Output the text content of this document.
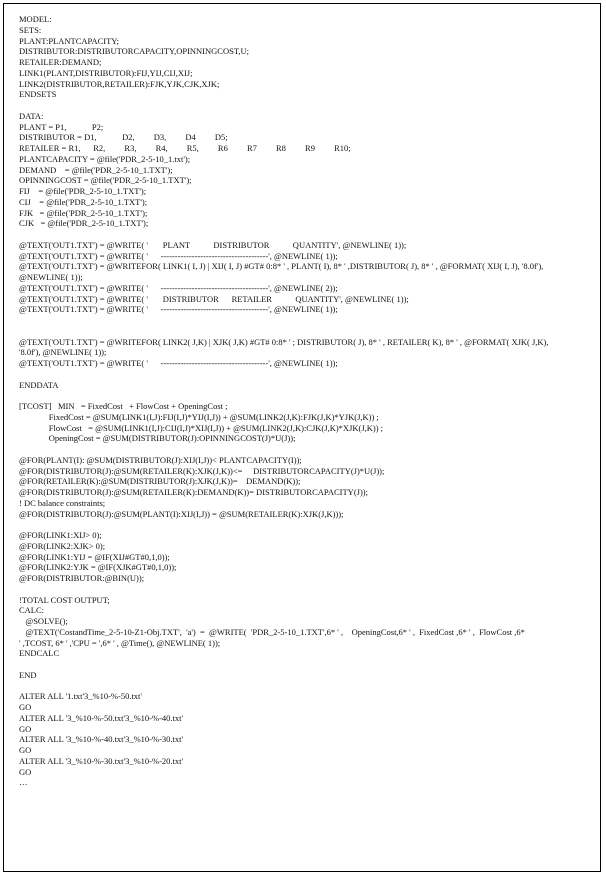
MODEL:
SETS:
PLANT:PLANTCAPACITY;
DISTRIBUTOR:DISTRIBUTORCAPACITY,OPINNINGCOST,U;
RETAILER:DEMAND;
LINK1(PLANT,DISTRIBUTOR):FIJ,YIJ,CIJ,XIJ;
LINK2(DISTRIBUTOR,RETAILER):FJK,YJK,CJK,XJK;
ENDSETS
DATA:
PLANT = P1,            P2;
DISTRIBUTOR = D1,            D2,         D3,         D4         D5;
RETAILER = R1,      R2,         R3,         R4,         R5,         R6         R7         R8         R9         R10;
PLANTCAPACITY = @file('PDR_2-5-10_1.txt');
DEMAND    = @file('PDR_2-5-10_1.TXT');
OPINNINGCOST = @file('PDR_2-5-10_1.TXT');
FIJ    = @file('PDR_2-5-10_1.TXT');
CIJ    = @file('PDR_2-5-10_1.TXT');
FJK   = @file('PDR_2-5-10_1.TXT');
CJK   = @file('PDR_2-5-10_1.TXT');
@TEXT('OUT1.TXT') = @WRITE( '       PLANT           DISTRIBUTOR           QUANTITY', @NEWLINE( 1));
@TEXT('OUT1.TXT') = @WRITE( '      --------------------------------------', @NEWLINE( 1));
@TEXT('OUT1.TXT') = @WRITEFOR( LINK1( I, J) | XIJ( I, J) #GT# 0:8* ' , PLANT( I), 8* ' ,DISTRIBUTOR( J), 8* ' , @FORMAT( XIJ( I, J), '8.0f'),
@NEWLINE( 1));
@TEXT('OUT1.TXT') = @WRITE( '      --------------------------------------', @NEWLINE( 2));
@TEXT('OUT1.TXT') = @WRITE( '       DISTRIBUTOR      RETAILER           QUANTITY', @NEWLINE( 1));
@TEXT('OUT1.TXT') = @WRITE( '      --------------------------------------', @NEWLINE( 1));
@TEXT('OUT1.TXT') = @WRITEFOR( LINK2( J,K) | XJK( J,K) #GT# 0:8* ' ; DISTRIBUTOR( J), 8* ' , RETAILER( K), 8* ' , @FORMAT( XJK( J,K),
'8.0f'), @NEWLINE( 1));
@TEXT('OUT1.TXT') = @WRITE( '      --------------------------------------', @NEWLINE( 1));
ENDDATA
[TCOST]   MIN   = FixedCost   + FlowCost + OpeningCost ;
FixedCost = @SUM(LINK1(I,J):FIJ(I,J)*YIJ(I,J)) + @SUM(LINK2(J,K):FJK(J,K)*YJK(J,K)) ;
FlowCost   = @SUM(LINK1(I,J):CIJ(I,J)*XIJ(I,J)) + @SUM(LINK2(J,K):CJK(J,K)*XJK(J,K)) ;
OpeningCost = @SUM(DISTRIBUTOR(J):OPINNINGCOST(J)*U(J));
@FOR(PLANT(I): @SUM(DISTRIBUTOR(J):XIJ(I,J))< PLANTCAPACITY(I));
@FOR(DISTRIBUTOR(J):@SUM(RETAILER(K):XJK(J,K))<=     DISTRIBUTORCAPACITY(J)*U(J));
@FOR(RETAILER(K):@SUM(DISTRIBUTOR(J):XJK(J,K))=    DEMAND(K));
@FOR(DISTRIBUTOR(J):@SUM(RETAILER(K):DEMAND(K))= DISTRIBUTORCAPACITY(J));
! DC balance constraints;
@FOR(DISTRIBUTOR(J):@SUM(PLANT(I):XIJ(I,J)) = @SUM(RETAILER(K):XJK(J,K)));
@FOR(LINK1:XIJ> 0);
@FOR(LINK2:XJK> 0);
@FOR(LINK1:YIJ = @IF(XIJ#GT#0,1,0));
@FOR(LINK2:YJK = @IF(XJK#GT#0,1,0));
@FOR(DISTRIBUTOR:@BIN(U));
!TOTAL COST OUTPUT;
CALC:
@SOLVE();
@TEXT('CostandTime_2-5-10-Z1-Obj.TXT',  'a')  =  @WRITE(  'PDR_2-5-10_1.TXT',6* ' ,    OpeningCost,6* ' ,  FixedCost ,6* ' ,  FlowCost ,6*
' ,TCOST, 6* ' ,'CPU = ',6* ' , @Time(), @NEWLINE( 1));
ENDCALC
END
ALTER ALL '1.txt'3_%10-%-50.txt'
GO
ALTER ALL '3_%10-%-50.txt'3_%10-%-40.txt'
GO
ALTER ALL '3_%10-%-40.txt'3_%10-%-30.txt'
GO
ALTER ALL '3_%10-%-30.txt'3_%10-%-20.txt'
GO
…
